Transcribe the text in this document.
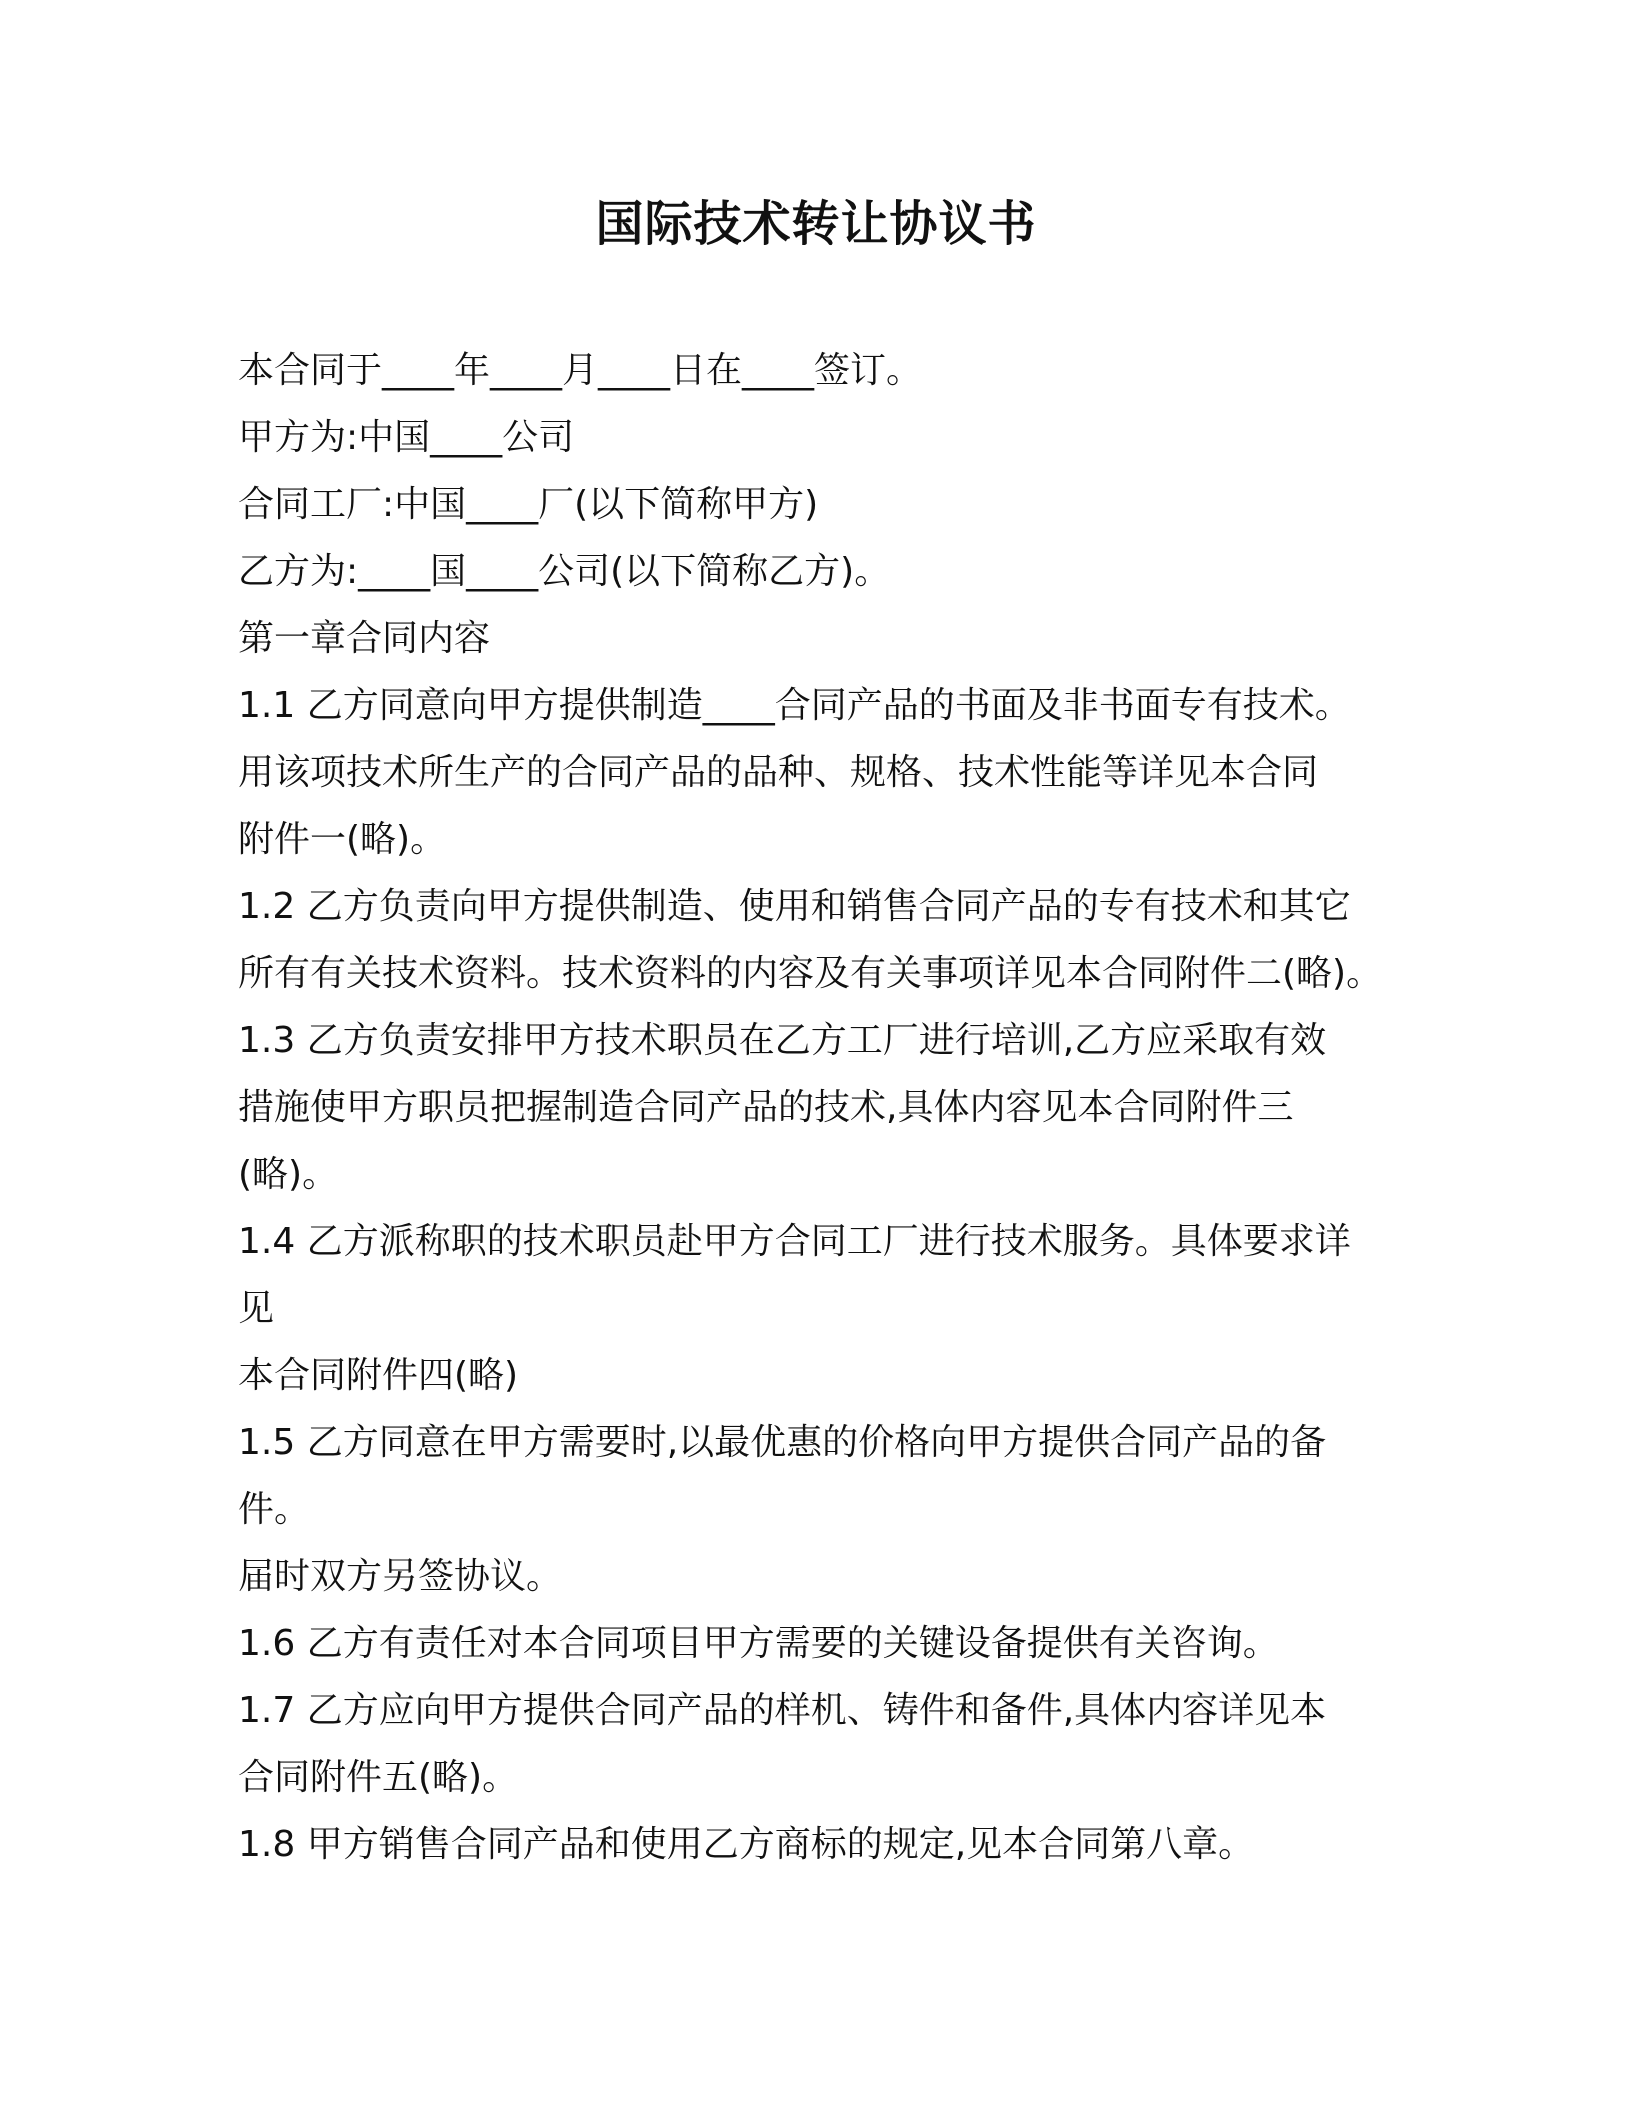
国际技术转让协议书

本合同于____年____月____日在____签订。

甲方为:中国____公司

合同工厂:中国____厂(以下简称甲方)

乙方为:____国____公司(以下简称乙方)。

第一章合同内容

1.1 乙方同意向甲方提供制造____合同产品的书面及非书面专有技术。

用该项技术所生产的合同产品的品种、规格、技术性能等详见本合同

附件一(略)。

1.2 乙方负责向甲方提供制造、使用和销售合同产品的专有技术和其它

所有有关技术资料。技术资料的内容及有关事项详见本合同附件二(略)。

1.3 乙方负责安排甲方技术职员在乙方工厂进行培训,乙方应采取有效

措施使甲方职员把握制造合同产品的技术,具体内容见本合同附件三

(略)。

1.4 乙方派称职的技术职员赴甲方合同工厂进行技术服务。具体要求详

见

本合同附件四(略)

1.5 乙方同意在甲方需要时,以最优惠的价格向甲方提供合同产品的备

件。

届时双方另签协议。

1.6 乙方有责任对本合同项目甲方需要的关键设备提供有关咨询。

1.7 乙方应向甲方提供合同产品的样机、铸件和备件,具体内容详见本

合同附件五(略)。

1.8 甲方销售合同产品和使用乙方商标的规定,见本合同第八章。
